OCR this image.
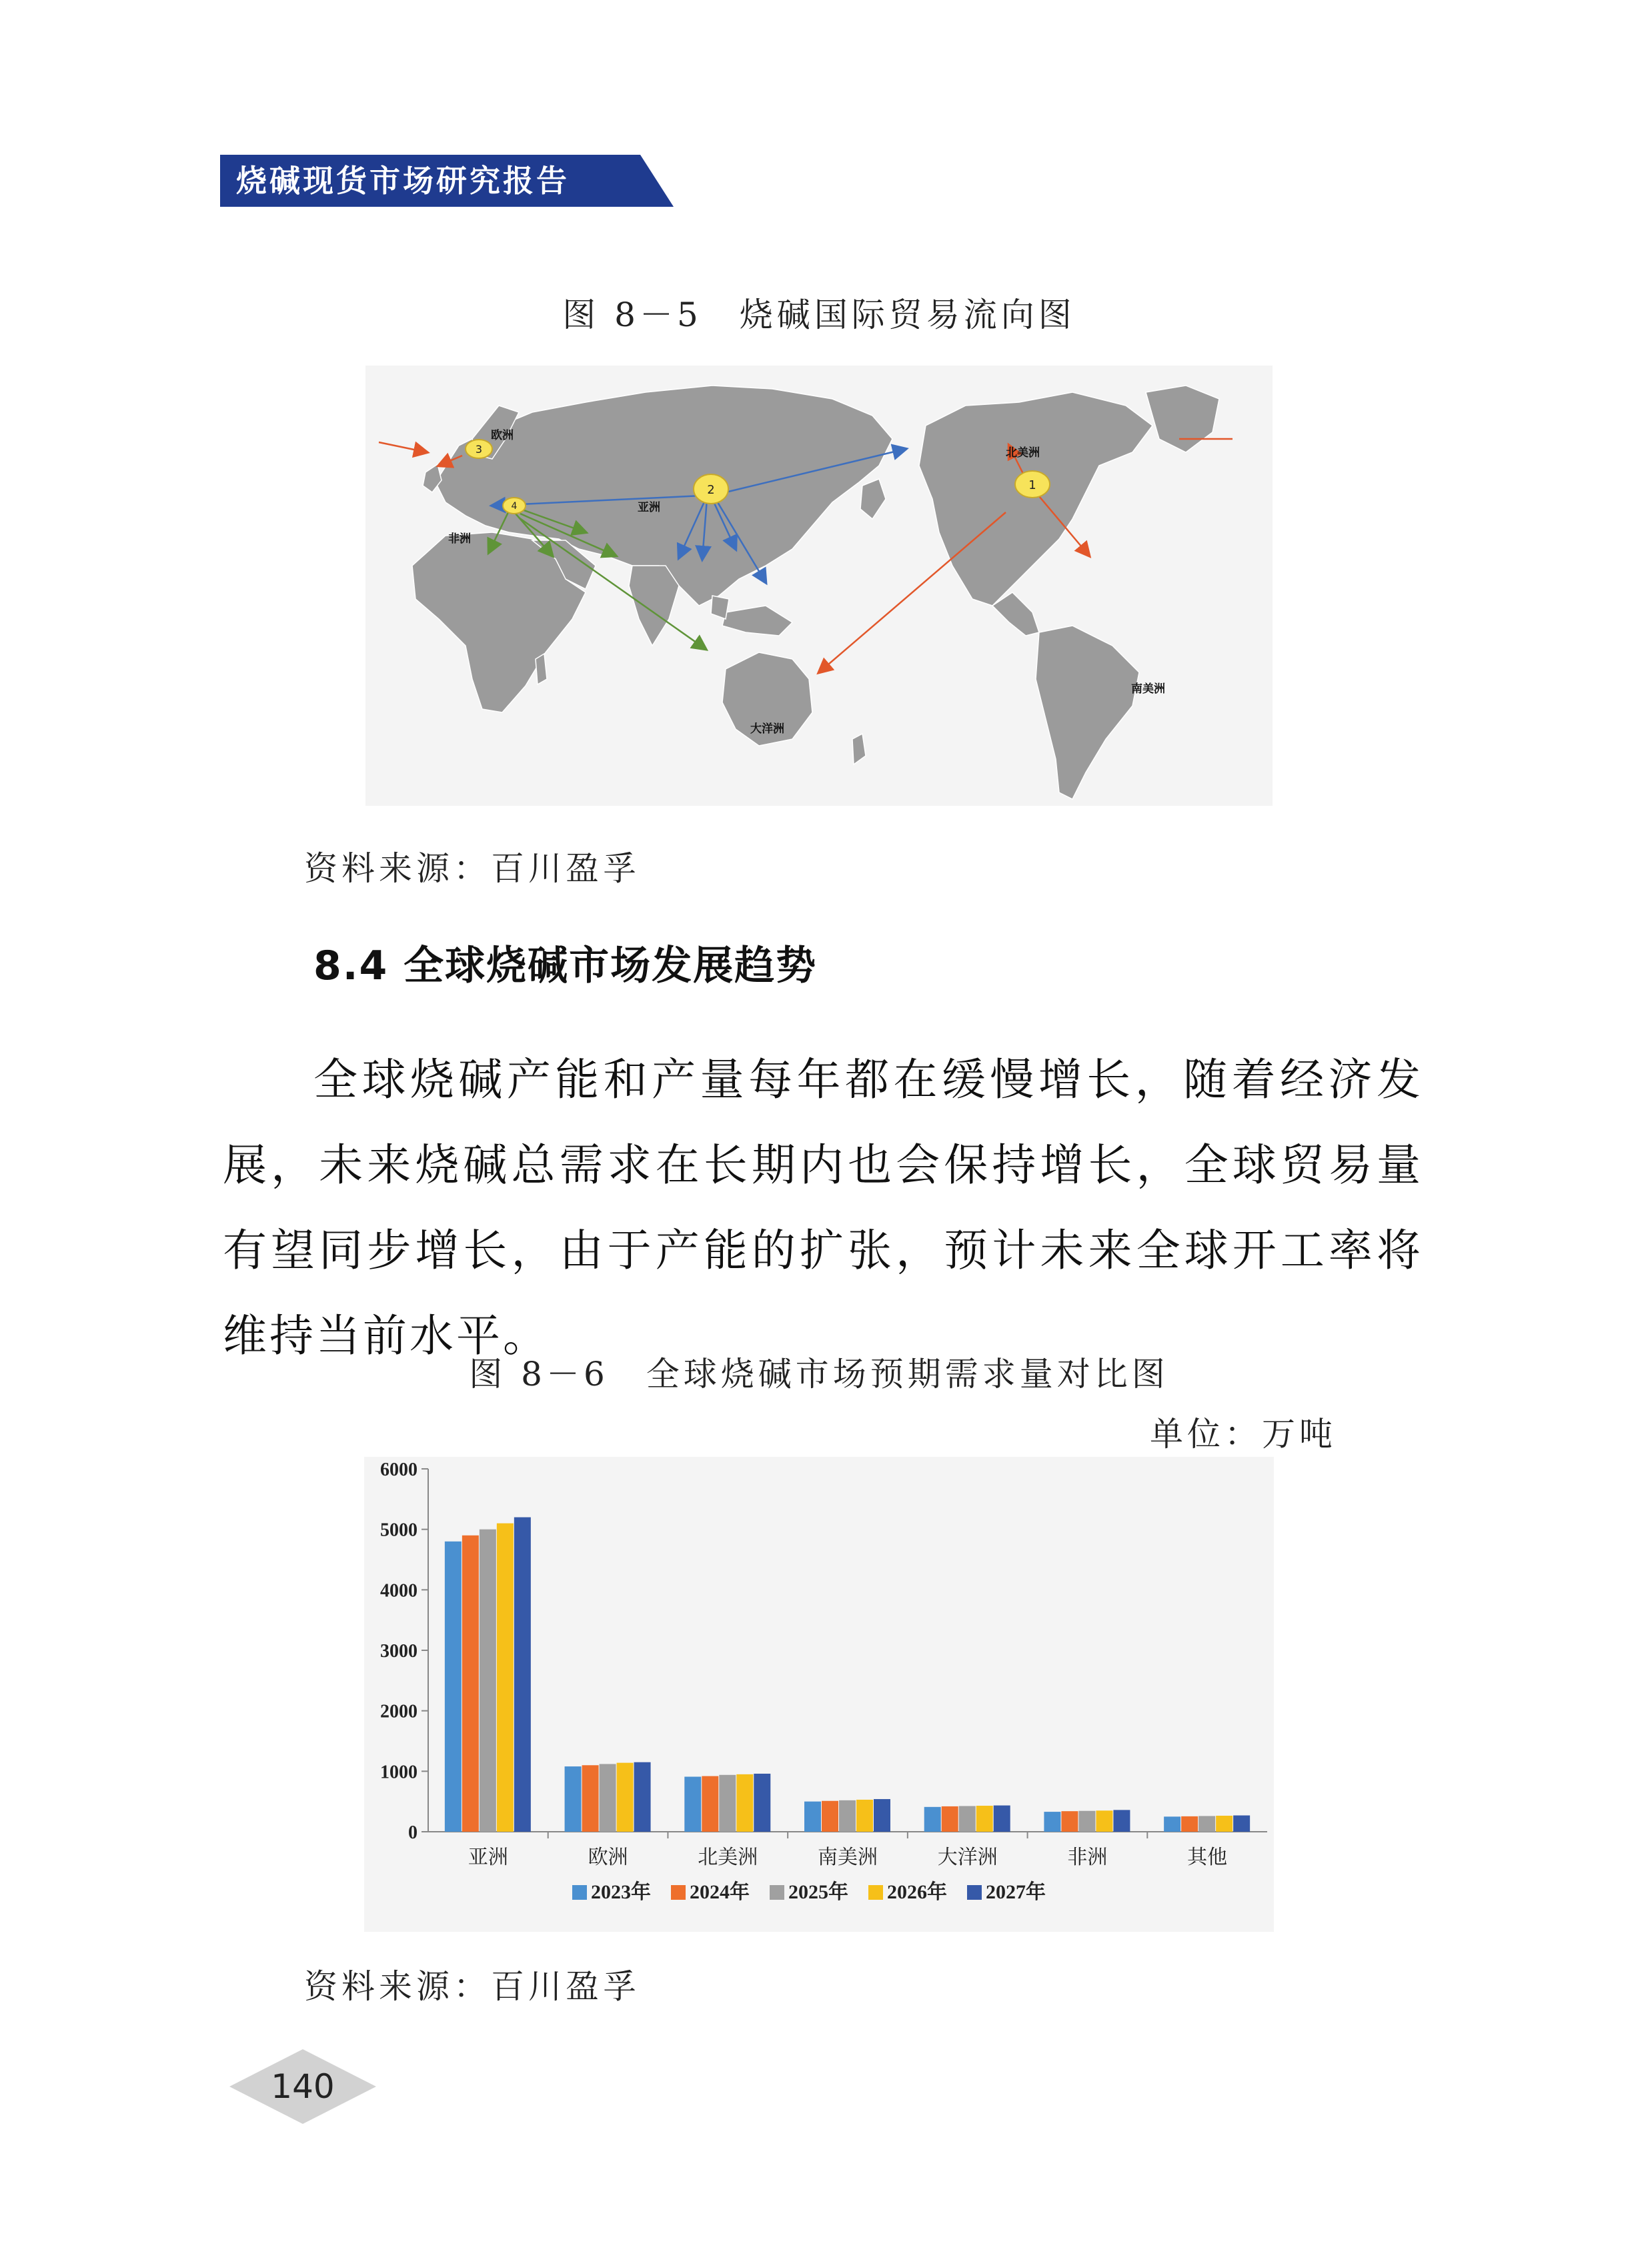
烧碱现货市场研究报告
图 8－5　烧碱国际贸易流向图
1
2
3
4
欧洲
亚洲
非洲
北美洲
南美洲
大洋洲
资料来源：百川盈孚
8.4 全球烧碱市场发展趋势
全球烧碱产能和产量每年都在缓慢增长，随着经济发展，未来烧碱总需求在长期内也会保持增长，全球贸易量有望同步增长，由于产能的扩张，预计未来全球开工率将维持当前水平。
图 8－6　全球烧碱市场预期需求量对比图
单位：万吨
0
1000
2000
3000
4000
5000
6000
亚洲	欧洲	北美洲	南美洲	大洋洲	非洲	其他
2023年 2024年 2025年 2026年 2027年
资料来源：百川盈孚
140
